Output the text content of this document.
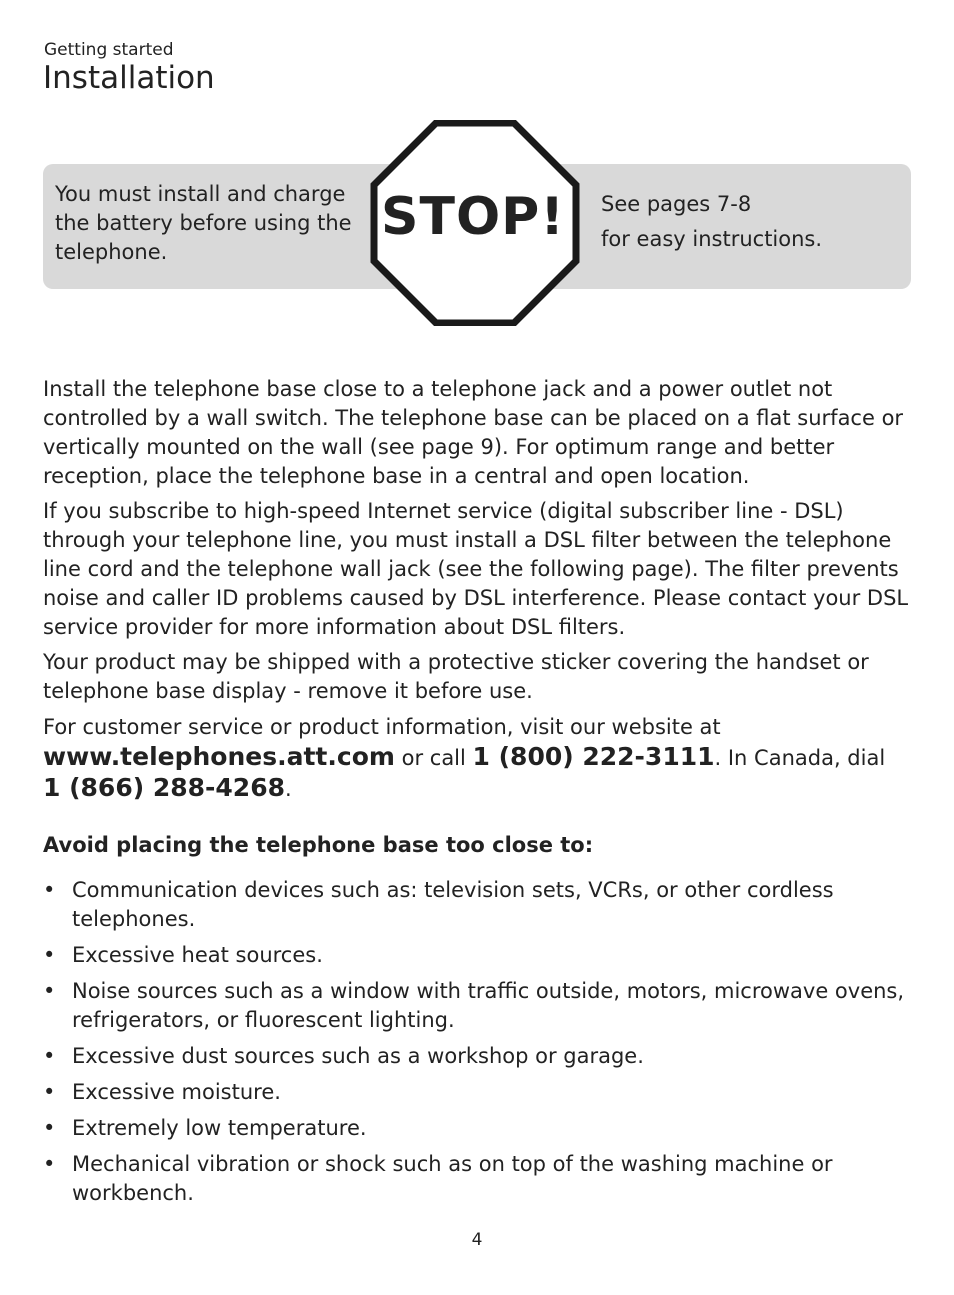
Getting started
Installation
You must install and charge the battery before using the telephone.
STOP!	See pages 7-8
for easy instructions.

Install the telephone base close to a telephone jack and a power outlet not controlled by a wall switch. The telephone base can be placed on a flat surface or vertically mounted on the wall (see page 9). For optimum range and better reception, place the telephone base in a central and open location.

If you subscribe to high-speed Internet service (digital subscriber line - DSL) through your telephone line, you must install a DSL filter between the telephone line cord and the telephone wall jack (see the following page). The filter prevents noise and caller ID problems caused by DSL interference. Please contact your DSL service provider for more information about DSL filters.

Your product may be shipped with a protective sticker covering the handset or telephone base display - remove it before use.

For customer service or product information, visit our website at
www.telephones.att.com or call 1 (800) 222-3111. In Canada, dial
1 (866) 288-4268.

Avoid placing the telephone base too close to:
• Communication devices such as: television sets, VCRs, or other cordless telephones.
• Excessive heat sources.
• Noise sources such as a window with traffic outside, motors, microwave ovens, refrigerators, or fluorescent lighting.
• Excessive dust sources such as a workshop or garage.
• Excessive moisture.
• Extremely low temperature.
• Mechanical vibration or shock such as on top of the washing machine or workbench.
4
